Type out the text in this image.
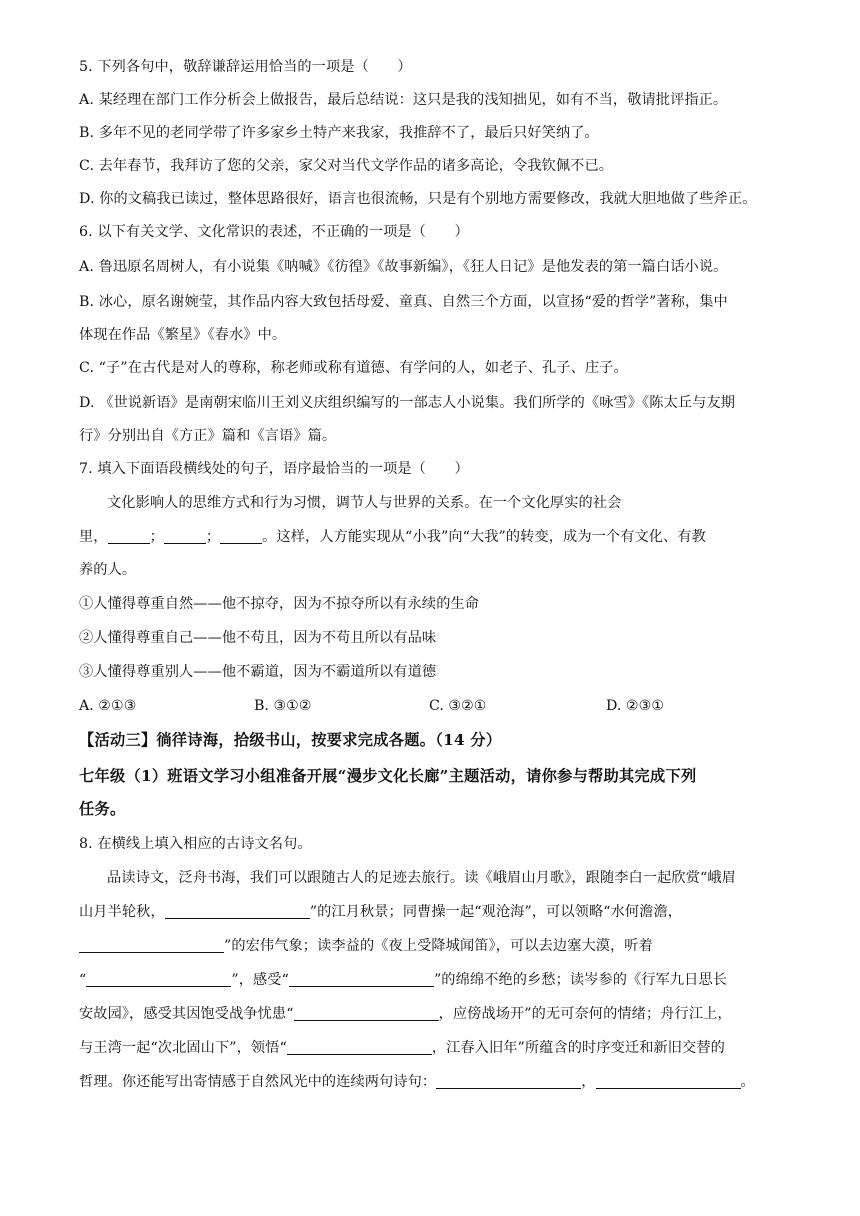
5. 下列各句中，敬辞谦辞运用恰当的一项是（　　）

A. 某经理在部门工作分析会上做报告，最后总结说：这只是我的浅知拙见，如有不当，敬请批评指正。

B. 多年不见的老同学带了许多家乡土特产来我家，我推辞不了，最后只好笑纳了。

C. 去年春节，我拜访了您的父亲，家父对当代文学作品的诸多高论，令我钦佩不已。

D. 你的文稿我已读过，整体思路很好，语言也很流畅，只是有个别地方需要修改，我就大胆地做了些斧正。

6. 以下有关文学、文化常识的表述，不正确的一项是（　　）

A. 鲁迅原名周树人，有小说集《呐喊》《彷徨》《故事新编》，《狂人日记》是他发表的第一篇白话小说。

B. 冰心，原名谢婉莹，其作品内容大致包括母爱、童真、自然三个方面，以宣扬“爱的哲学”著称，集中

体现在作品《繁星》《春水》中。

C. “子”在古代是对人的尊称，称老师或称有道德、有学问的人，如老子、孔子、庄子。

D. 《世说新语》是南朝宋临川王刘义庆组织编写的一部志人小说集。我们所学的《咏雪》《陈太丘与友期

行》分别出自《方正》篇和《言语》篇。

7. 填入下面语段横线处的句子，语序最恰当的一项是（　　）

文化影响人的思维方式和行为习惯，调节人与世界的关系。在一个文化厚实的社会

里，	；	；	。这样，人方能实现从“小我”向“大我”的转变，成为一个有文化、有教

养的人。

①人懂得尊重自然——他不掠夺，因为不掠夺所以有永续的生命

②人懂得尊重自己——他不苟且，因为不苟且所以有品味

③人懂得尊重别人——他不霸道，因为不霸道所以有道德

A. ②①③	B. ③①②	C. ③②①	D. ②③①

【活动三】徜徉诗海，拾级书山，按要求完成各题。（14 分）

七年级（1）班语文学习小组准备开展“漫步文化长廊”主题活动，请你参与帮助其完成下列

任务。

8. 在横线上填入相应的古诗文名句。

品读诗文，泛舟书海，我们可以跟随古人的足迹去旅行。读《峨眉山月歌》，跟随李白一起欣赏“峨眉

山月半轮秋，	”的江月秋景；同曹操一起“观沧海”，可以领略“水何澹澹，

”的宏伟气象；读李益的《夜上受降城闻笛》，可以去边塞大漠，听着

“	”，感受“	”的绵绵不绝的乡愁；读岑参的《行军九日思长

安故园》，感受其因饱受战争忧患“	，应傍战场开”的无可奈何的情绪；舟行江上，

与王湾一起“次北固山下”，领悟“	，江春入旧年”所蕴含的时序变迁和新旧交替的

哲理。你还能写出寄情感于自然风光中的连续两句诗句：	，	。
